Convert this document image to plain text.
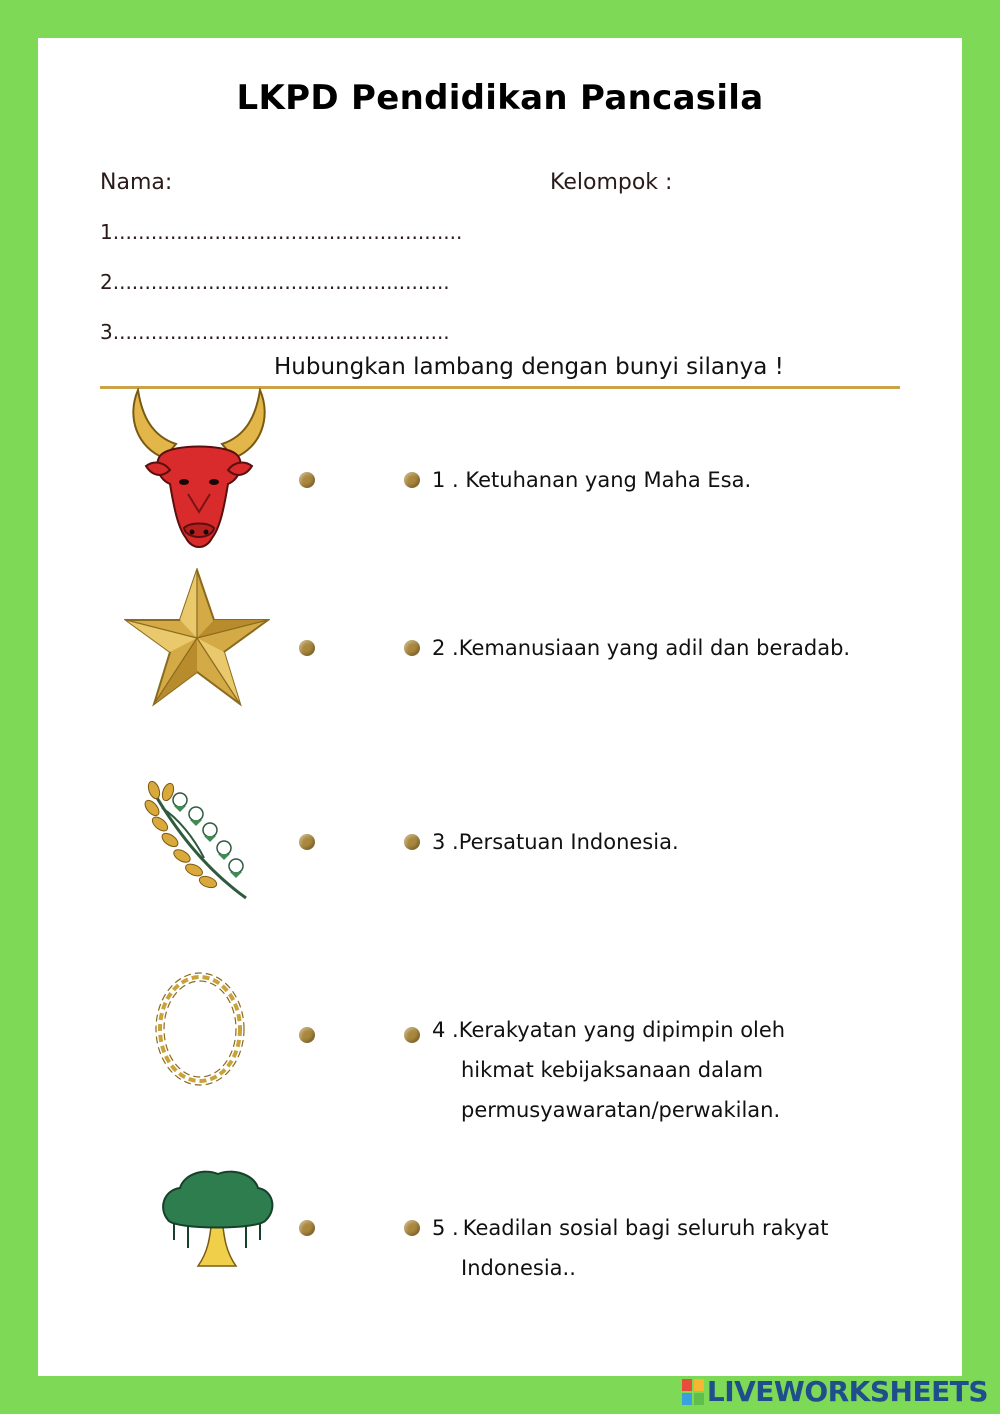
LKPD Pendidikan Pancasila
Nama:	Kelompok :
1.......................................................
2.....................................................
3.....................................................
Hubungkan lambang dengan bunyi silanya !
1 . Ketuhanan yang Maha Esa.
2 .Kemanusiaan yang adil dan beradab.
3 .Persatuan Indonesia.
4 .Kerakyatan yang dipimpin oleh
hikmat kebijaksanaan dalam
permusyawaratan/perwakilan.
5 . Keadilan sosial bagi seluruh rakyat
Indonesia..
LIVEWORKSHEETS
